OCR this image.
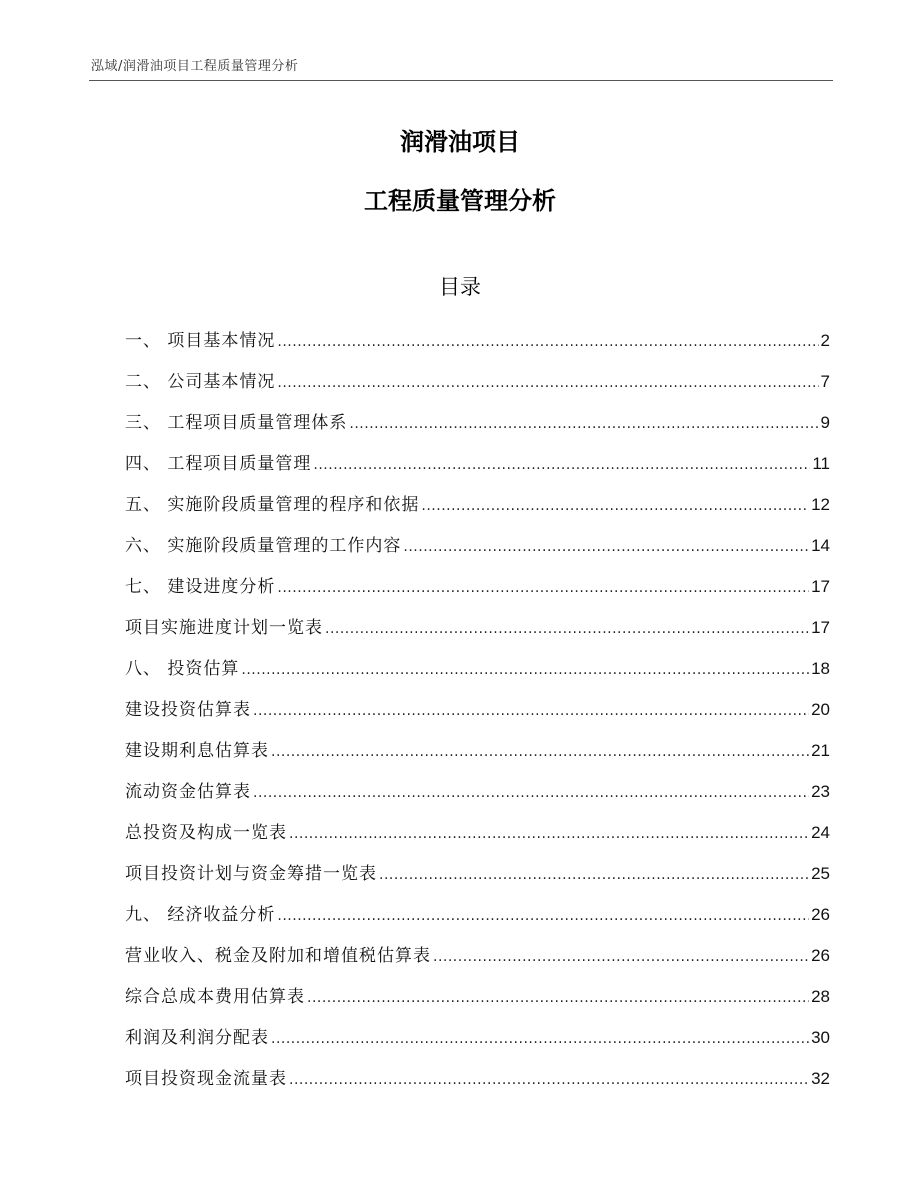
泓域/润滑油项目工程质量管理分析
润滑油项目
工程质量管理分析
目录
一、 项目基本情况 .....	2
二、 公司基本情况 .....	7
三、 工程项目质量管理体系 .....	9
四、 工程项目质量管理 .....	11
五、 实施阶段质量管理的程序和依据 .....	12
六、 实施阶段质量管理的工作内容 .....	14
七、 建设进度分析 .....	17
项目实施进度计划一览表 .....	17
八、 投资估算 .....	18
建设投资估算表 .....	20
建设期利息估算表 .....	21
流动资金估算表 .....	23
总投资及构成一览表 .....	24
项目投资计划与资金筹措一览表 .....	25
九、 经济收益分析 .....	26
营业收入、税金及附加和增值税估算表 .....	26
综合总成本费用估算表 .....	28
利润及利润分配表 .....	30
项目投资现金流量表 .....	32
